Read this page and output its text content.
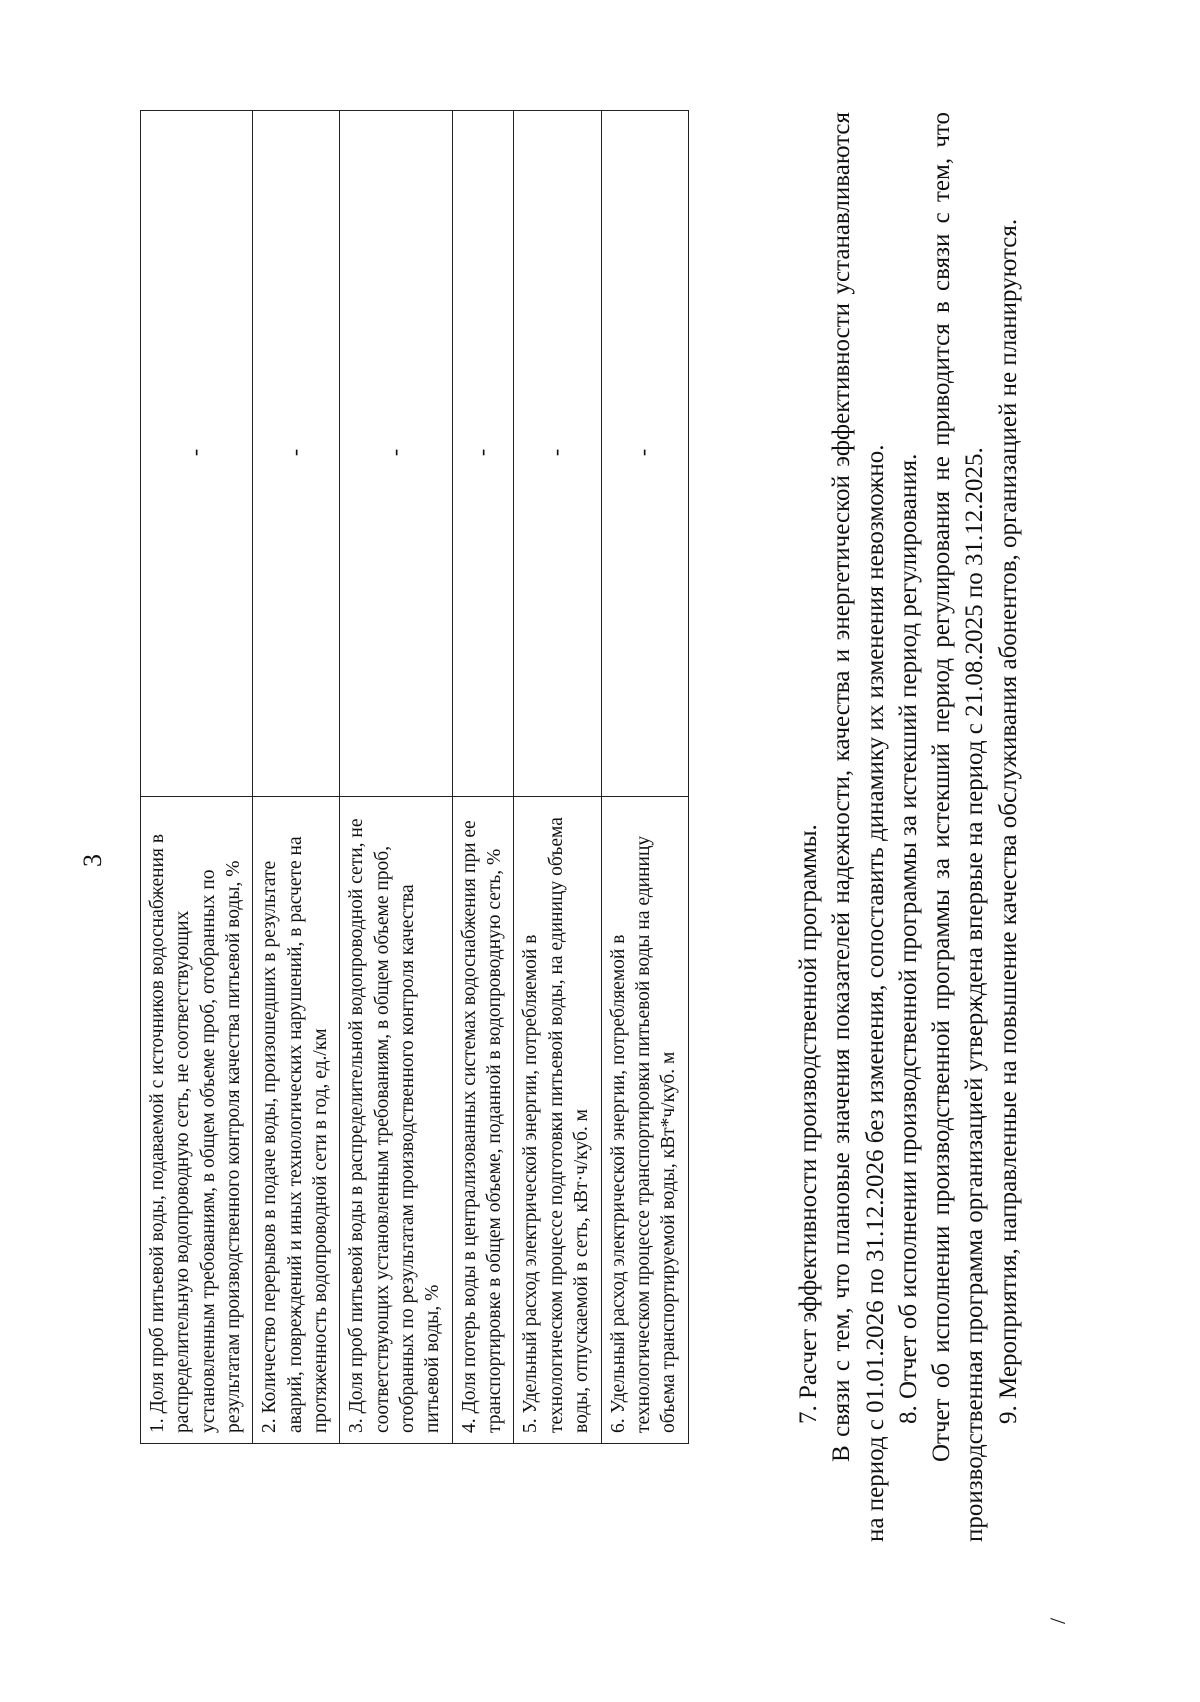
3 1. Доля проб питьевой воды, подаваемой с источников водоснабжения в распределительную водопроводную сеть, не соответствующих установленным требованиям, в общем объеме проб, отобранных по результатам производственного контроля качества питьевой воды, %	-
2. Количество перерывов в подаче воды, произошедших в результате аварий, повреждений и иных технологических нарушений, в расчете на протяженность водопроводной сети в год, ед./км	-
3. Доля проб питьевой воды в распределительной водопроводной сети, не соответствующих установленным требованиям, в общем объеме проб, отобранных по результатам производственного контроля качества питьевой воды, %	-
4. Доля потерь воды в централизованных системах водоснабжения при ее транспортировке в общем объеме, поданной в водопроводную сеть, %	-
5. Удельный расход электрической энергии, потребляемой в технологическом процессе подготовки питьевой воды, на единицу объема воды, отпускаемой в сеть, кВт·ч/куб. м	-
6. Удельный расход электрической энергии, потребляемой в технологическом процессе транспортировки питьевой воды на единицу объема транспортируемой воды, кВт*ч/куб. м	-

7. Расчет эффективности производственной программы. В связи с тем, что плановые значения показателей надежности, качества и энергетической эффективности устанавливаются на период с 01.01.2026 по 31.12.2026 без изменения, сопоставить динамику их изменения невозможно. 8. Отчет об исполнении производственной программы за истекший период регулирования. Отчет об исполнении производственной программы за истекший период регулирования не приводится в связи с тем, что производственная программа организацией утверждена впервые на период с 21.08.2025 по 31.12.2025. 9. Мероприятия, направленные на повышение качества обслуживания абонентов, организацией не планируются.

/
